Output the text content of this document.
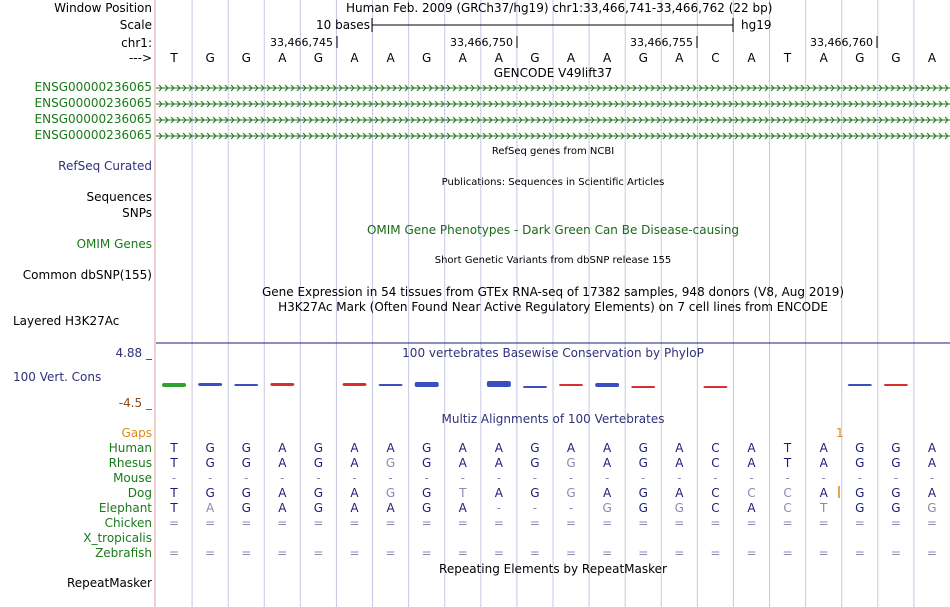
Window Position	Human Feb. 2009 (GRCh37/hg19) chr1:33,466,741-33,466,762 (22 bp)
Scale	10 bases	hg19
chr1:	33,466,745	33,466,750	33,466,755	33,466,760
--->	T	G	G	A	G	A	A	G	A	A	G	A	A	G	A	C	A	T	A	G	G	A
GENCODE V49lift37
ENSG00000236065
ENSG00000236065
ENSG00000236065
ENSG00000236065
RefSeq genes from NCBI
RefSeq Curated
Publications: Sequences in Scientific Articles
Sequences
SNPs
OMIM Gene Phenotypes - Dark Green Can Be Disease-causing
OMIM Genes
Short Genetic Variants from dbSNP release 155
Common dbSNP(155)
Gene Expression in 54 tissues from GTEx RNA-seq of 17382 samples, 948 donors (V8, Aug 2019)
H3K27Ac Mark (Often Found Near Active Regulatory Elements) on 7 cell lines from ENCODE
Layered H3K27Ac
4.88 _	100 vertebrates Basewise Conservation by PhyloP
100 Vert. Cons
-4.5 _
Multiz Alignments of 100 Vertebrates
Gaps	1
Human	T	G	G	A	G	A	A	G	A	A	G	A	A	G	A	C	A	T	A	G	G	A
Rhesus	T	G	G	A	G	A	G	G	A	A	G	G	A	G	A	C	A	T	A	G	G	A
Mouse	-	-	-	-	-	-	-	-	-	-	-	-	-	-	-	-	-	-	-	-	-	-
Dog	T	G	G	A	G	A	G	G	T	A	G	G	A	G	A	C	C	C	A	G	G	A
Elephant	T	A	G	A	G	A	A	G	A	-	-	-	G	G	G	C	A	C	T	G	G	G
Chicken	=	=	=	=	=	=	=	=	=	=	=	=	=	=	=	=	=	=	=	=	=	=
X_tropicalis
Zebrafish	=	=	=	=	=	=	=	=	=	=	=	=	=	=	=	=	=	=	=	=	=	=
Repeating Elements by RepeatMasker
RepeatMasker
